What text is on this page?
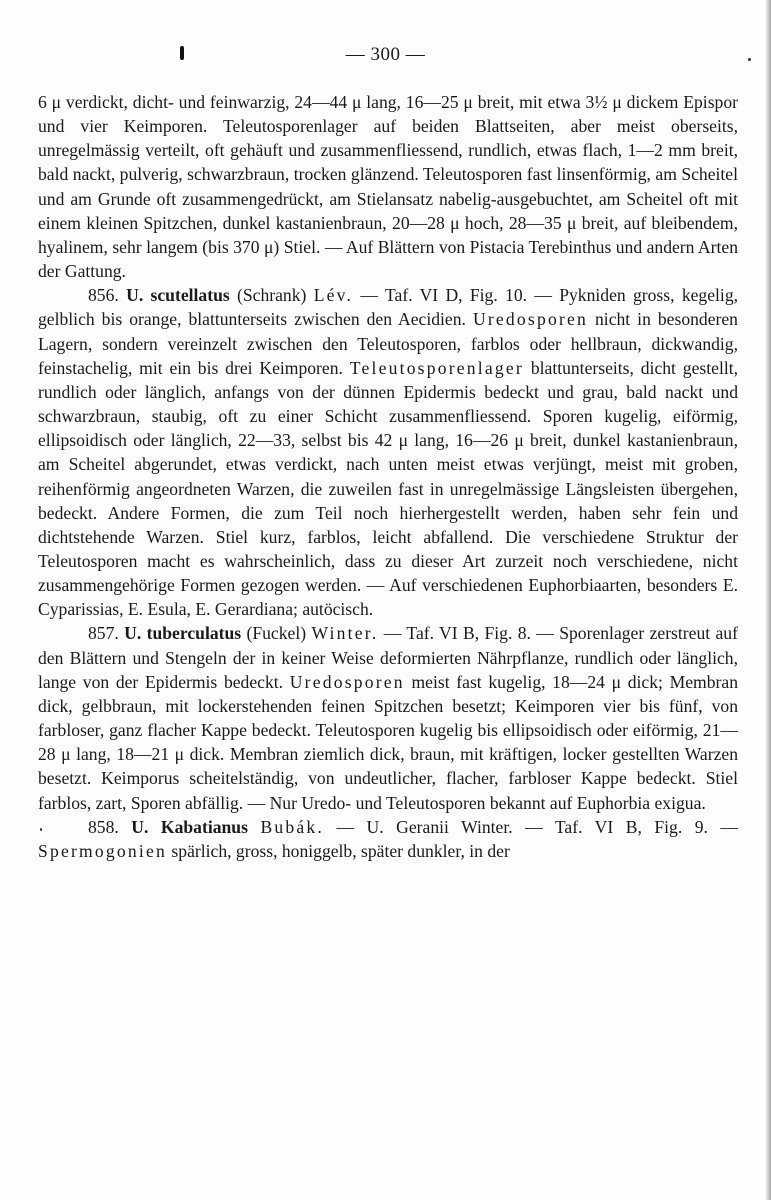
— 300 —

6 μ verdickt, dicht- und feinwarzig, 24—44 μ lang, 16—25 μ breit, mit etwa 3½ μ dickem Epispor und vier Keimporen. Teleutosporenlager auf beiden Blattseiten, aber meist oberseits, unregelmässig verteilt, oft gehäuft und zusammenfliessend, rundlich, etwas flach, 1—2 mm breit, bald nackt, pulverig, schwarzbraun, trocken glänzend. Teleutosporen fast linsenförmig, am Scheitel und am Grunde oft zusammengedrückt, am Stielansatz nabelig-ausgebuchtet, am Scheitel oft mit einem kleinen Spitzchen, dunkel kastanienbraun, 20—28 μ hoch, 28—35 μ breit, auf bleibendem, hyalinem, sehr langem (bis 370 μ) Stiel. — Auf Blättern von Pistacia Terebinthus und andern Arten der Gattung.

856. U. scutellatus (Schrank) Lév. — Taf. VI D, Fig. 10. — Pykniden gross, kegelig, gelblich bis orange, blattunterseits zwischen den Aecidien. Uredosporen nicht in besonderen Lagern, sondern vereinzelt zwischen den Teleutosporen, farblos oder hellbraun, dickwandig, feinstachelig, mit ein bis drei Keimporen. Teleutosporenlager blattunterseits, dicht gestellt, rundlich oder länglich, anfangs von der dünnen Epidermis bedeckt und grau, bald nackt und schwarzbraun, staubig, oft zu einer Schicht zusammenfliessend. Sporen kugelig, eiförmig, ellipsoidisch oder länglich, 22—33, selbst bis 42 μ lang, 16—26 μ breit, dunkel kastanienbraun, am Scheitel abgerundet, etwas verdickt, nach unten meist etwas verjüngt, meist mit groben, reihenförmig angeordneten Warzen, die zuweilen fast in unregelmässige Längsleisten übergehen, bedeckt. Andere Formen, die zum Teil noch hierhergestellt werden, haben sehr fein und dichtstehende Warzen. Stiel kurz, farblos, leicht abfallend. Die verschiedene Struktur der Teleutosporen macht es wahrscheinlich, dass zu dieser Art zurzeit noch verschiedene, nicht zusammengehörige Formen gezogen werden. — Auf verschiedenen Euphorbiaarten, besonders E. Cyparissias, E. Esula, E. Gerardiana; autöcisch.

857. U. tuberculatus (Fuckel) Winter. — Taf. VI B, Fig. 8. — Sporenlager zerstreut auf den Blättern und Stengeln der in keiner Weise deformierten Nährpflanze, rundlich oder länglich, lange von der Epidermis bedeckt. Uredosporen meist fast kugelig, 18—24 μ dick; Membran dick, gelbbraun, mit lockerstehenden feinen Spitzchen besetzt; Keimporen vier bis fünf, von farbloser, ganz flacher Kappe bedeckt. Teleutosporen kugelig bis ellipsoidisch oder eiförmig, 21—28 μ lang, 18—21 μ dick. Membran ziemlich dick, braun, mit kräftigen, locker gestellten Warzen besetzt. Keimporus scheitelständig, von undeutlicher, flacher, farbloser Kappe bedeckt. Stiel farblos, zart, Sporen abfällig. — Nur Uredo- und Teleutosporen bekannt auf Euphorbia exigua.

858. U. Kabatianus Bubák. — U. Geranii Winter. — Taf. VI B, Fig. 9. — Spermogonien spärlich, gross, honiggelb, später dunkler, in der
